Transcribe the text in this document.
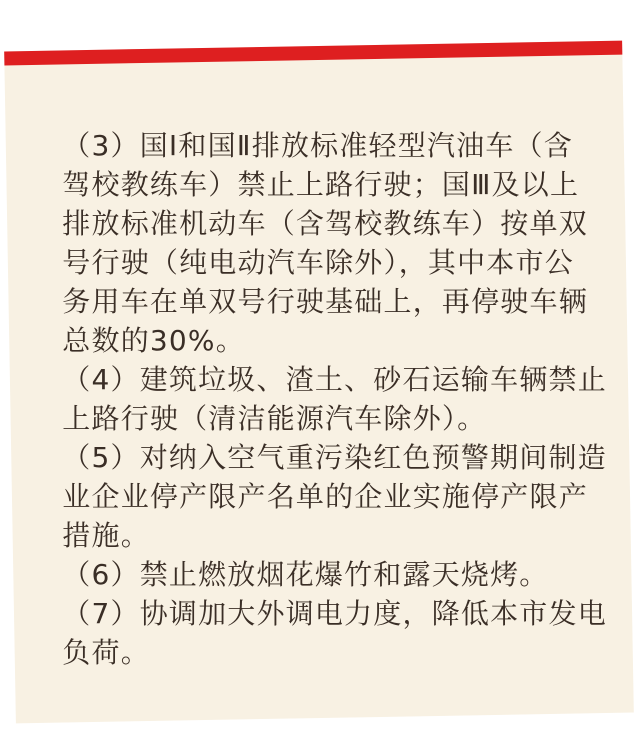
（3）国Ⅰ和国Ⅱ排放标准轻型汽油车（含
驾校教练车）禁止上路行驶；国Ⅲ及以上
排放标准机动车（含驾校教练车）按单双
号行驶（纯电动汽车除外），其中本市公
务用车在单双号行驶基础上，再停驶车辆
总数的30%。

（4）建筑垃圾、渣土、砂石运输车辆禁止
上路行驶（清洁能源汽车除外）。

（5）对纳入空气重污染红色预警期间制造
业企业停产限产名单的企业实施停产限产
措施。

（6）禁止燃放烟花爆竹和露天烧烤。

（7）协调加大外调电力度，降低本市发电
负荷。
